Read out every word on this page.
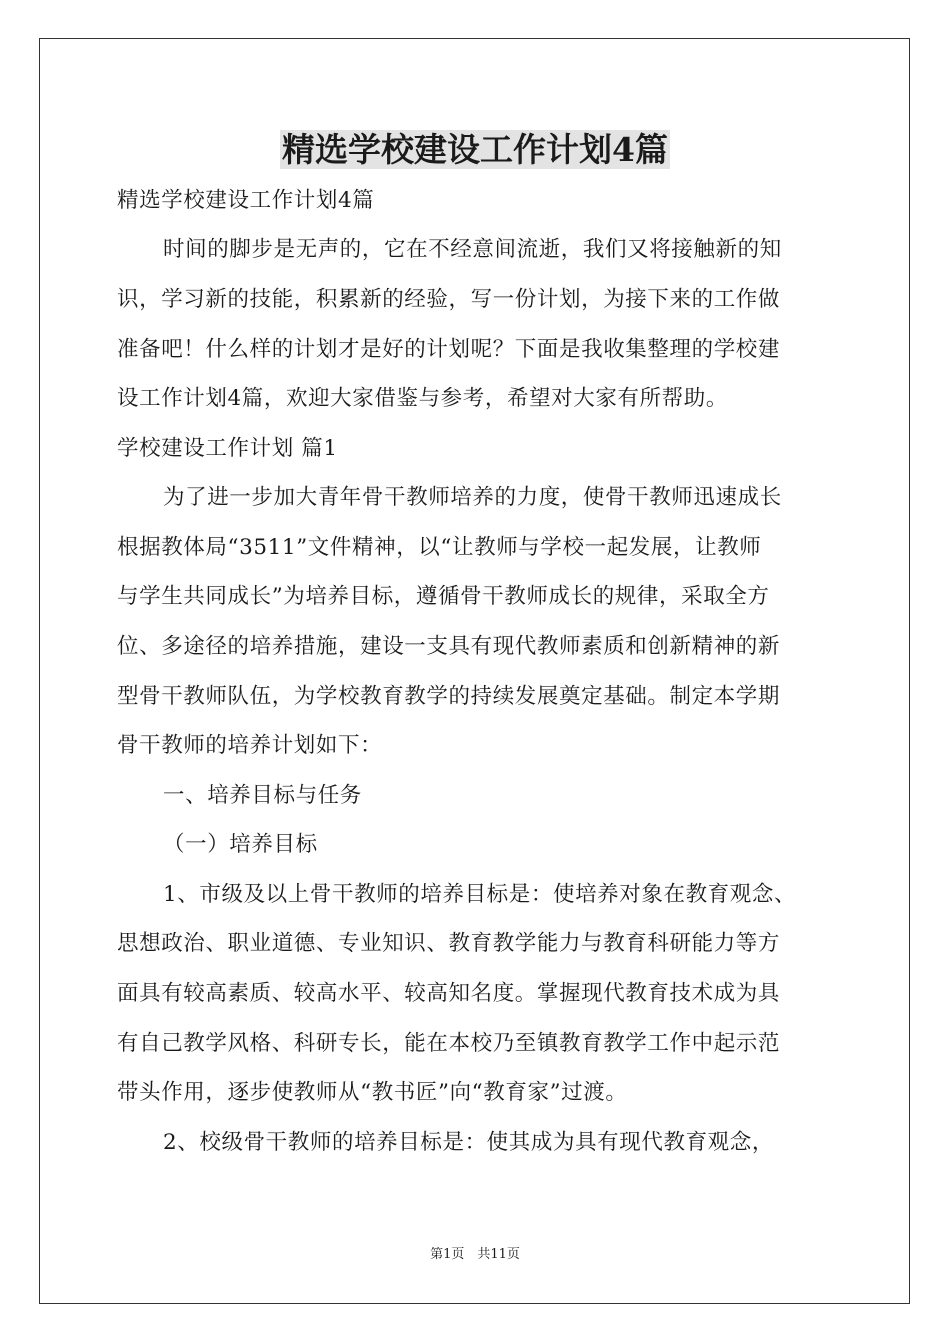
精选学校建设工作计划4篇
精选学校建设工作计划4篇
时间的脚步是无声的，它在不经意间流逝，我们又将接触新的知
识，学习新的技能，积累新的经验，写一份计划，为接下来的工作做
准备吧！什么样的计划才是好的计划呢？下面是我收集整理的学校建
设工作计划4篇，欢迎大家借鉴与参考，希望对大家有所帮助。
学校建设工作计划 篇1
为了进一步加大青年骨干教师培养的力度，使骨干教师迅速成长
根据教体局“3511”文件精神，以“让教师与学校一起发展，让教师
与学生共同成长”为培养目标，遵循骨干教师成长的规律，采取全方
位、多途径的培养措施，建设一支具有现代教师素质和创新精神的新
型骨干教师队伍，为学校教育教学的持续发展奠定基础。制定本学期
骨干教师的培养计划如下：
一、培养目标与任务
（一）培养目标
1、市级及以上骨干教师的培养目标是：使培养对象在教育观念、
思想政治、职业道德、专业知识、教育教学能力与教育科研能力等方
面具有较高素质、较高水平、较高知名度。掌握现代教育技术成为具
有自己教学风格、科研专长，能在本校乃至镇教育教学工作中起示范
带头作用，逐步使教师从“教书匠”向“教育家”过渡。
2、校级骨干教师的培养目标是：使其成为具有现代教育观念，
第1页　共11页
